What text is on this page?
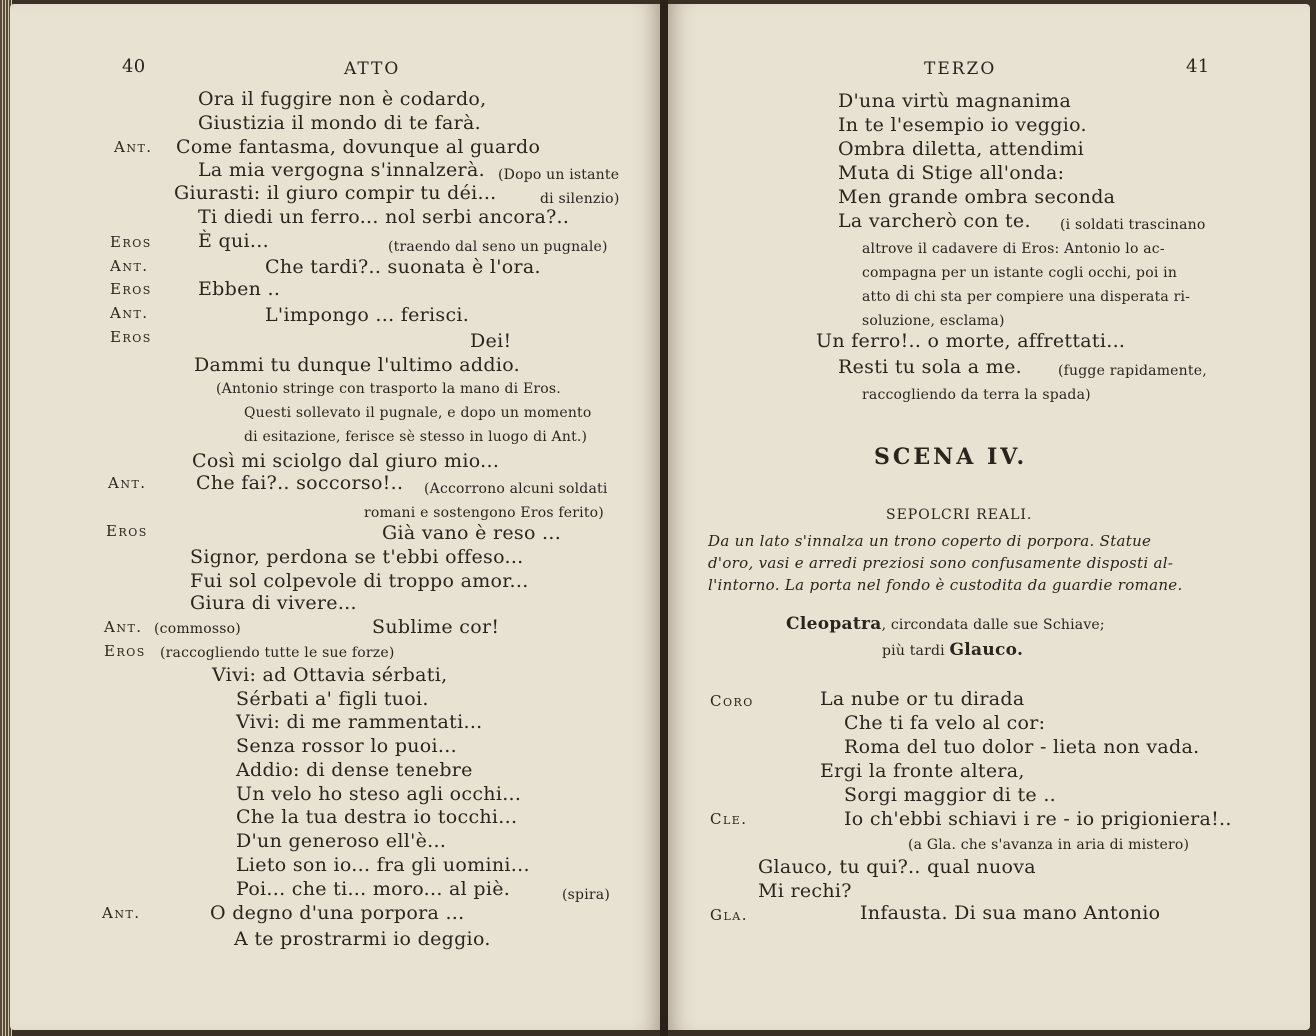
40	ATTO
Ora il fuggire non è codardo,
Giustizia il mondo di te farà.
Ant. Come fantasma, dovunque al guardo
La mia vergogna s'innalzerà. (Dopo un istante
Giurasti: il giuro compir tu déi...	di silenzio)
Ti diedi un ferro... nol serbi ancora?..
Eros È qui...	(traendo dal seno un pugnale)
Ant.	Che tardi?.. suonata è l'ora.
Eros Ebben ..
Ant.	L'impongo ... ferisci.
Eros	Dei!
Dammi tu dunque l'ultimo addio.
(Antonio stringe con trasporto la mano di Eros.
Questi sollevato il pugnale, e dopo un momento
di esitazione, ferisce sè stesso in luogo di Ant.)
Così mi sciolgo dal giuro mio...
Ant.	Che fai?.. soccorso!.. (Accorrono alcuni soldati
romani e sostengono Eros ferito)
Eros	Già vano è reso ...
Signor, perdona se t'ebbi offeso...
Fui sol colpevole di troppo amor...
Giura di vivere...
Ant. (commosso)	Sublime cor!
Eros (raccogliendo tutte le sue forze)
Vivi: ad Ottavia sérbati,
Sérbati a' figli tuoi.
Vivi: di me rammentati...
Senza rossor lo puoi...
Addio: di dense tenebre
Un velo ho steso agli occhi...
Che la tua destra io tocchi...
D'un generoso ell'è...
Lieto son io... fra gli uomini...
Poi... che ti... moro... al piè.	(spira)
Ant.	O degno d'una porpora ...
A te prostrarmi io deggio.
TERZO	41
D'una virtù magnanima
In te l'esempio io veggio.
Ombra diletta, attendimi
Muta di Stige all'onda:
Men grande ombra seconda
La varcherò con te. (i soldati trascinano
altrove il cadavere di Eros: Antonio lo ac-
compagna per un istante cogli occhi, poi in
atto di chi sta per compiere una disperata ri-
soluzione, esclama)
Un ferro!.. o morte, affrettati...
Resti tu sola a me.	(fugge rapidamente,
raccogliendo da terra la spada)
SCENA IV.
SEPOLCRI REALI.
Da un lato s'innalza un trono coperto di porpora. Statue
d'oro, vasi e arredi preziosi sono confusamente disposti al-
l'intorno. La porta nel fondo è custodita da guardie romane.
Cleopatra, circondata dalle sue Schiave;
più tardi Glauco.
Coro	La nube or tu dirada
Che ti fa velo al cor:
Roma del tuo dolor - lieta non vada.
Ergi la fronte altera,
Sorgi maggior di te ..
Cle.	Io ch'ebbi schiavi i re - io prigioniera!..
(a Gla. che s'avanza in aria di mistero)
Glauco, tu qui?.. qual nuova
Mi rechi?
Gla.	Infausta. Di sua mano Antonio
